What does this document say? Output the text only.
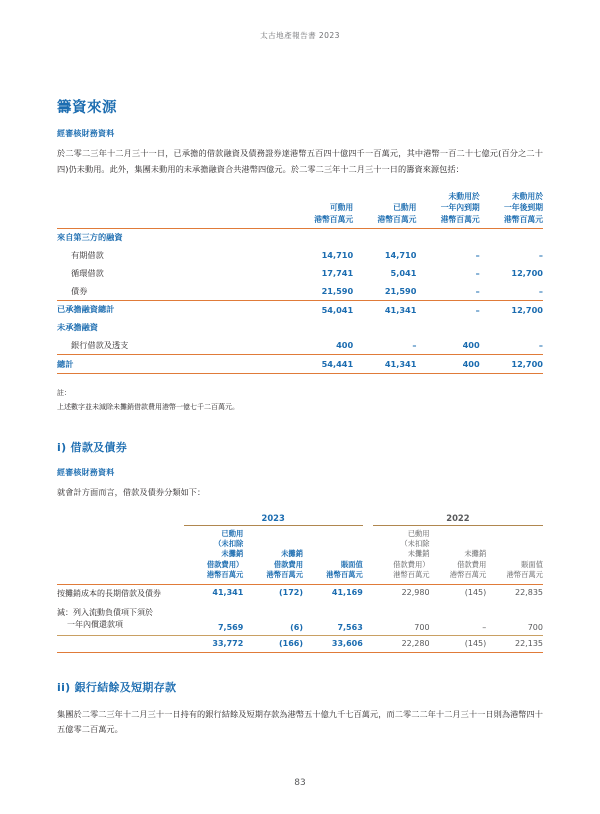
太古地產報告書 2023
籌資來源
經審核財務資料

於二零二三年十二月三十一日，已承擔的借款融資及債務證券達港幣五百四十億四千一百萬元，其中港幣一百二十七億元(百分之二十四)仍未動用。此外，集團未動用的未承擔融資合共港幣四億元。於二零二三年十二月三十一日的籌資來源包括：

可動用
港幣百萬元	已動用
港幣百萬元	未動用於
一年內到期
港幣百萬元	未動用於
一年後到期
港幣百萬元
來自第三方的融資				
有期借款	14,710	14,710	–	–
循環借款	17,741	5,041	–	12,700
債券	21,590	21,590	–	–
已承擔融資總計	54,041	41,341	–	12,700
未承擔融資				
銀行借款及透支	400	–	400	–
總計	54,441	41,341	400	12,700

註：

上述數字並未減除未攤銷借款費用港幣一億七千二百萬元。

i) 借款及債券
經審核財務資料

就會計方面而言，借款及債券分類如下：

	2023				2022		
	已動用
（未扣除
未攤銷
借款費用）
港幣百萬元	未攤銷
借款費用
港幣百萬元	賬面值
港幣百萬元		已動用
（未扣除
未攤銷
借款費用）
港幣百萬元	未攤銷
借款費用
港幣百萬元	賬面值
港幣百萬元
按攤銷成本的長期借款及債券	41,341	(172)	41,169		22,980	(145)	22,835
減：列入流動負債項下須於
一年內償還款項	7,569	(6)	7,563		700	–	700
	33,772	(166)	33,606		22,280	(145)	22,135
ii) 銀行結餘及短期存款

集團於二零二三年十二月三十一日持有的銀行結餘及短期存款為港幣五十億九千七百萬元，而二零二二年十二月三十一日則為港幣四十五億零二百萬元。

83
